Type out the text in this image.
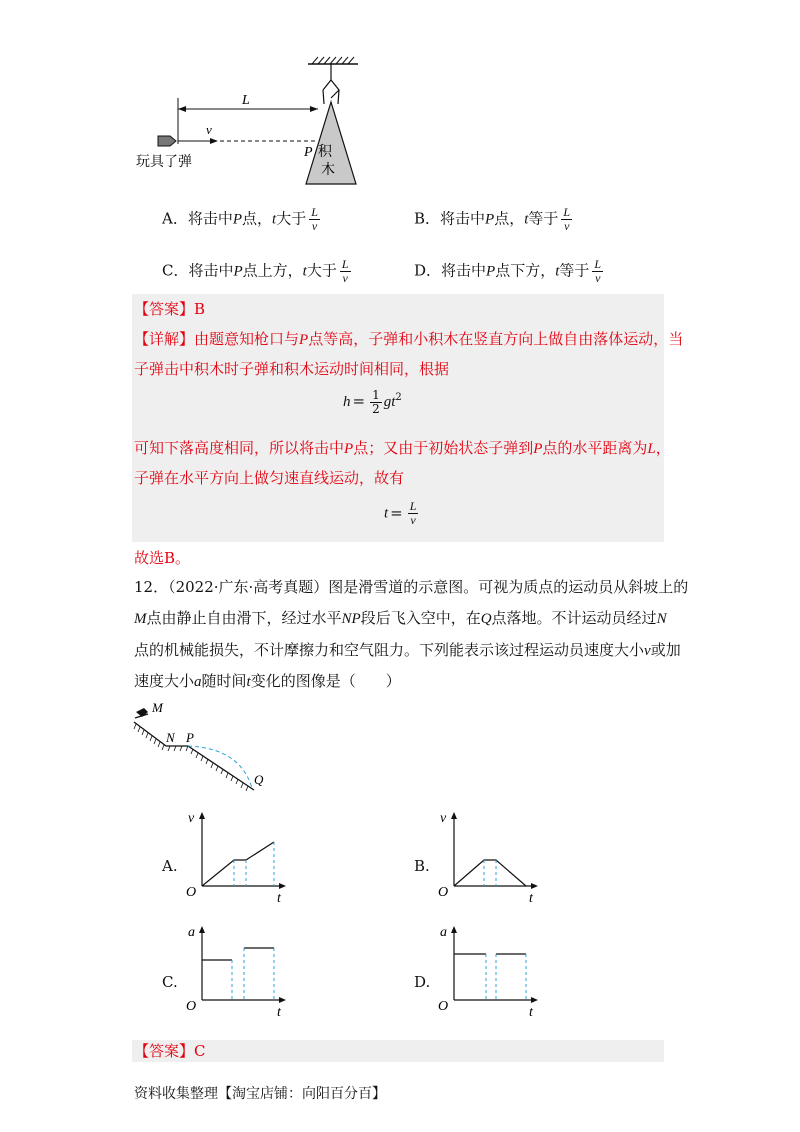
积
木
L
v
P
玩具了弹
A．将击中P点，t大于 $\frac{L}{v}$	B．将击中P点，t等于 $\frac{L}{v}$
C．将击中P点上方，t大于 $\frac{L}{v}$	D．将击中P点下方，t等于 $\frac{L}{v}$
【答案】B
【详解】由题意知枪口与P点等高，子弹和小积木在竖直方向上做自由落体运动，当
子弹击中积木时子弹和积木运动时间相同，根据
$h = \frac{1}{2} gt^2$
可知下落高度相同，所以将击中P点；又由于初始状态子弹到P点的水平距离为L，
子弹在水平方向上做匀速直线运动，故有
$t = \frac{L}{v}$
故选B。
12．（2022·广东·高考真题）图是滑雪道的示意图。可视为质点的运动员从斜坡上的
M点由静止自由滑下，经过水平NP段后飞入空中，在Q点落地。不计运动员经过N
点的机械能损失，不计摩擦力和空气阻力。下列能表示该过程运动员速度大小v或加
速度大小a随时间t变化的图像是（　　）
M
N P
Q
A.
v
t
O
B.
v
t
O
C.
a
t
O
D.
a
t
O
【答案】C
资料收集整理【淘宝店铺：向阳百分百】
